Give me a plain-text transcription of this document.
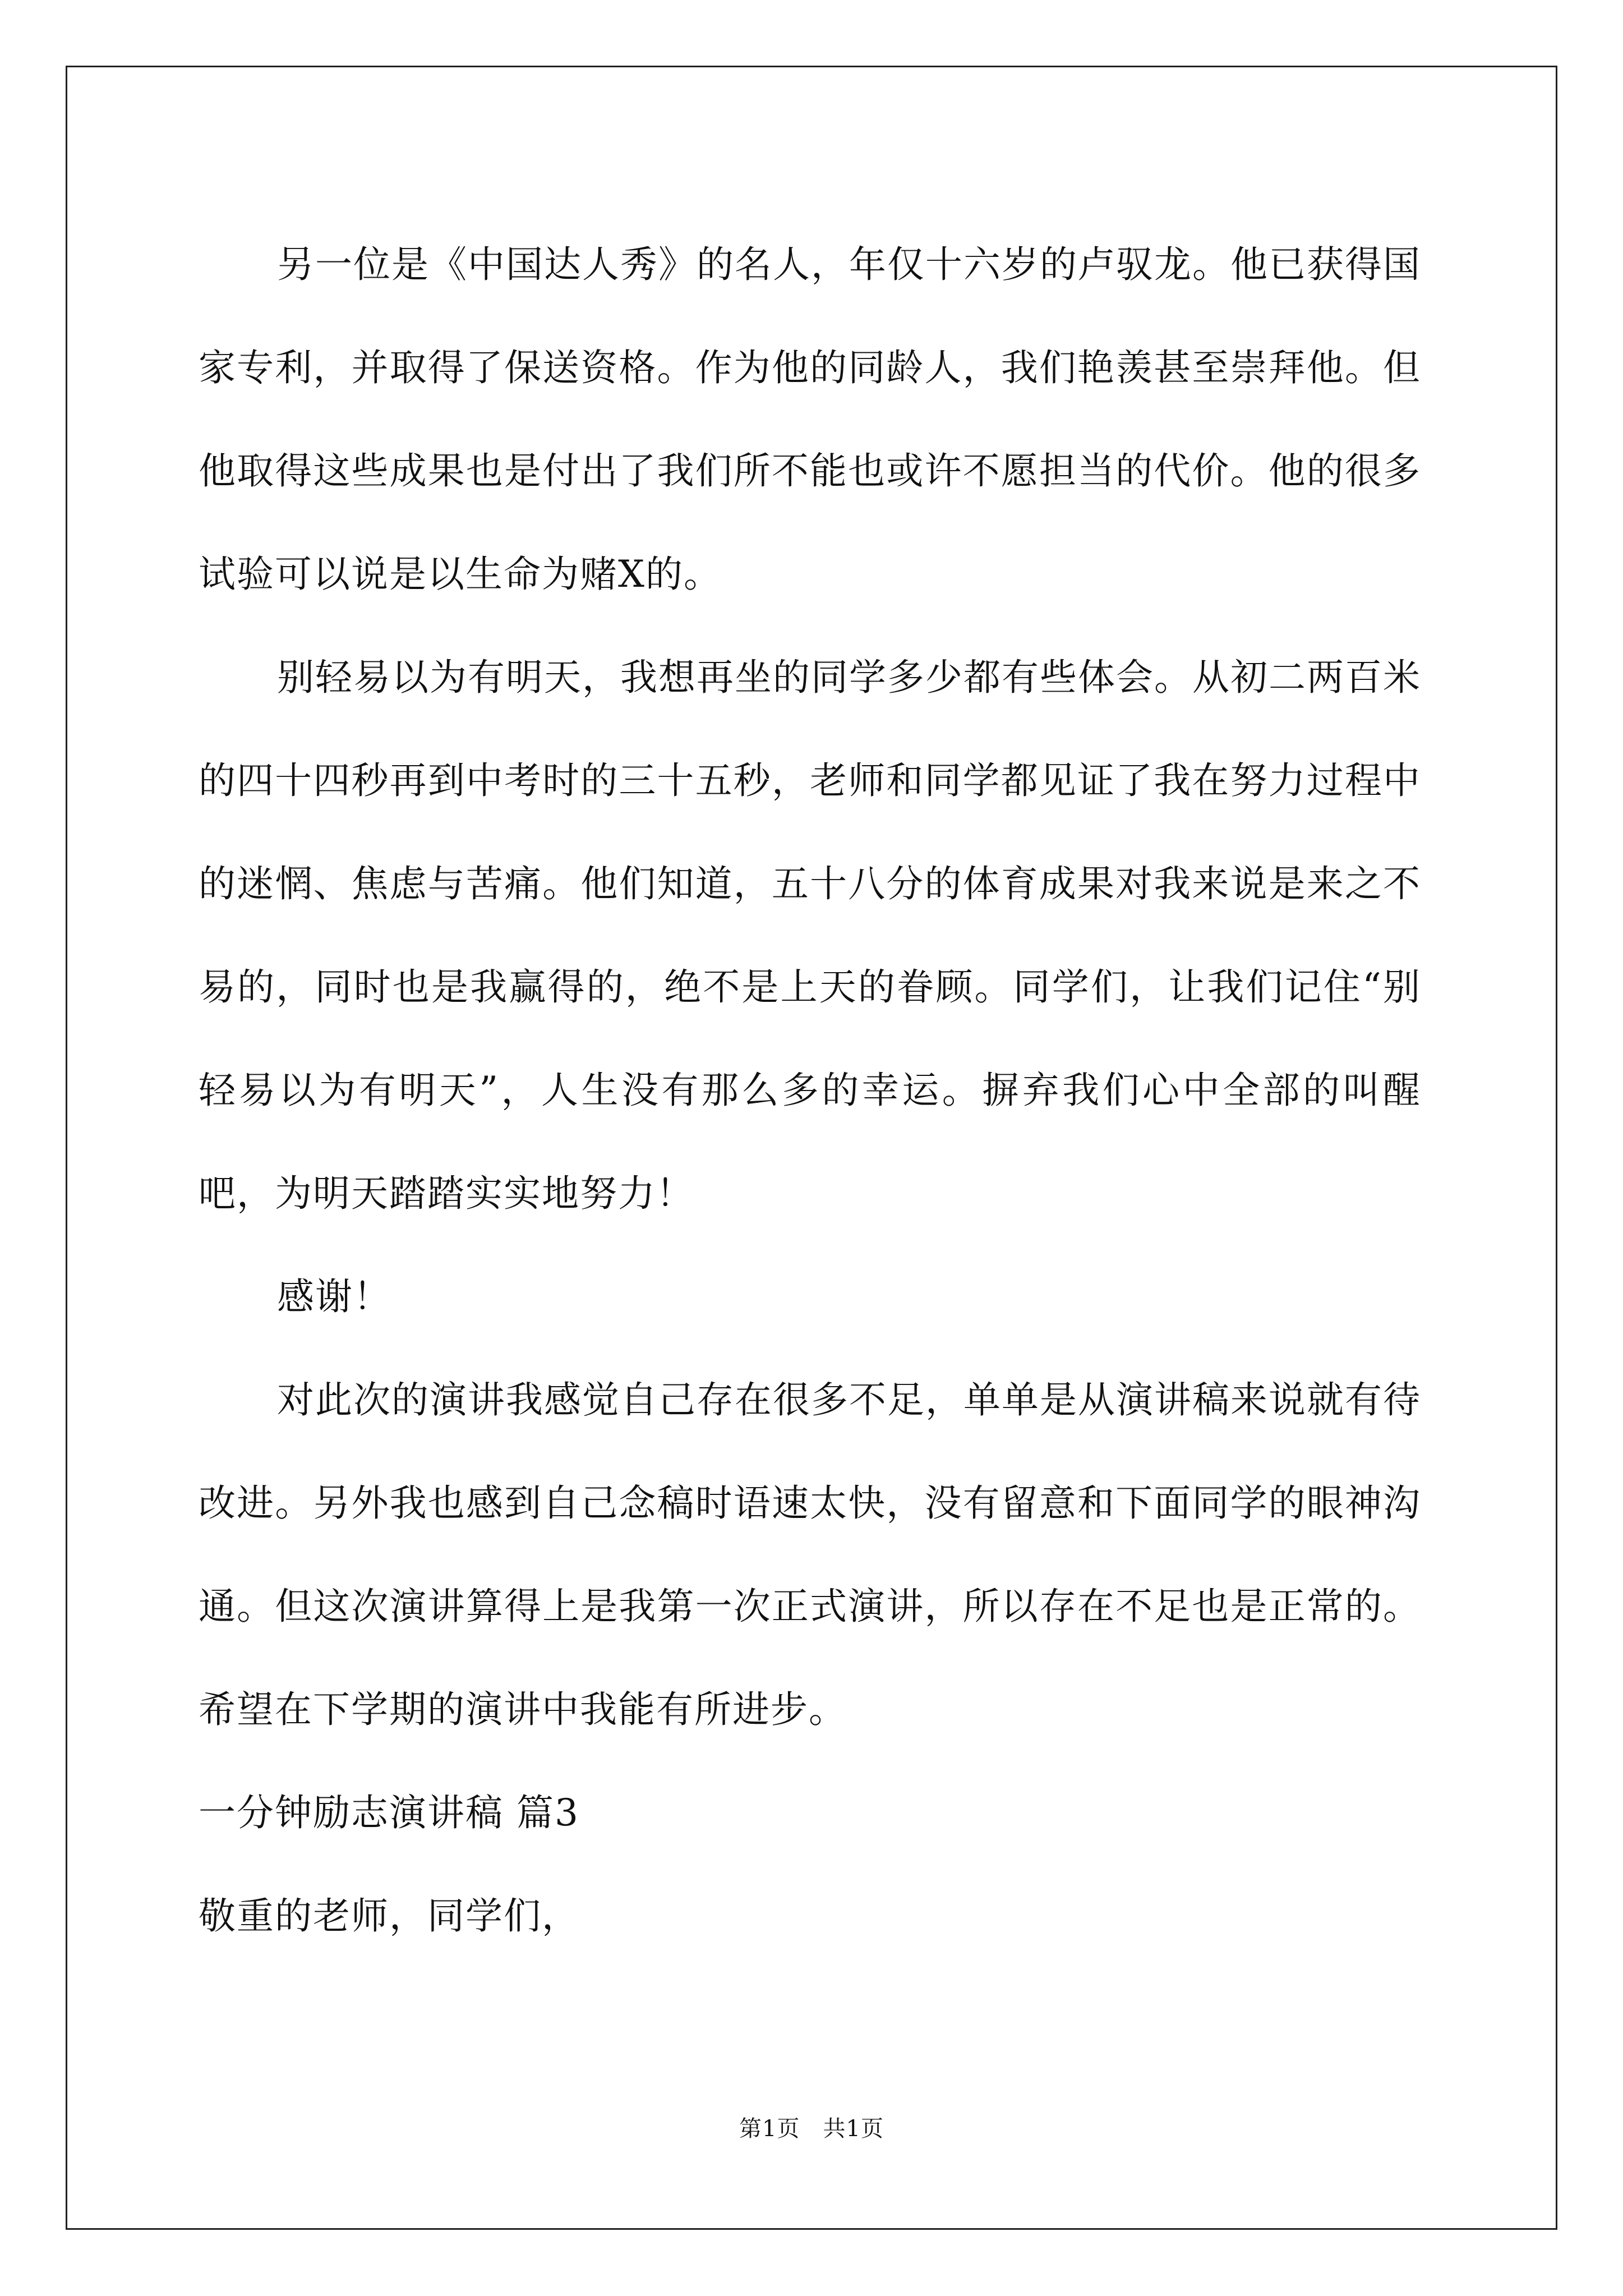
另一位是《中国达人秀》的名人，年仅十六岁的卢驭龙。他已获得国家专利，并取得了保送资格。作为他的同龄人，我们艳羡甚至崇拜他。但他取得这些成果也是付出了我们所不能也或许不愿担当的代价。他的很多试验可以说是以生命为赌X的。

别轻易以为有明天，我想再坐的同学多少都有些体会。从初二两百米的四十四秒再到中考时的三十五秒，老师和同学都见证了我在努力过程中的迷惘、焦虑与苦痛。他们知道，五十八分的体育成果对我来说是来之不易的，同时也是我赢得的，绝不是上天的眷顾。同学们，让我们记住“别轻易以为有明天”，人生没有那么多的幸运。摒弃我们心中全部的叫醒吧，为明天踏踏实实地努力！

感谢！

对此次的演讲我感觉自己存在很多不足，单单是从演讲稿来说就有待改进。另外我也感到自己念稿时语速太快，没有留意和下面同学的眼神沟通。但这次演讲算得上是我第一次正式演讲，所以存在不足也是正常的。希望在下学期的演讲中我能有所进步。

一分钟励志演讲稿 篇3

敬重的老师，同学们，

第1页　共1页
